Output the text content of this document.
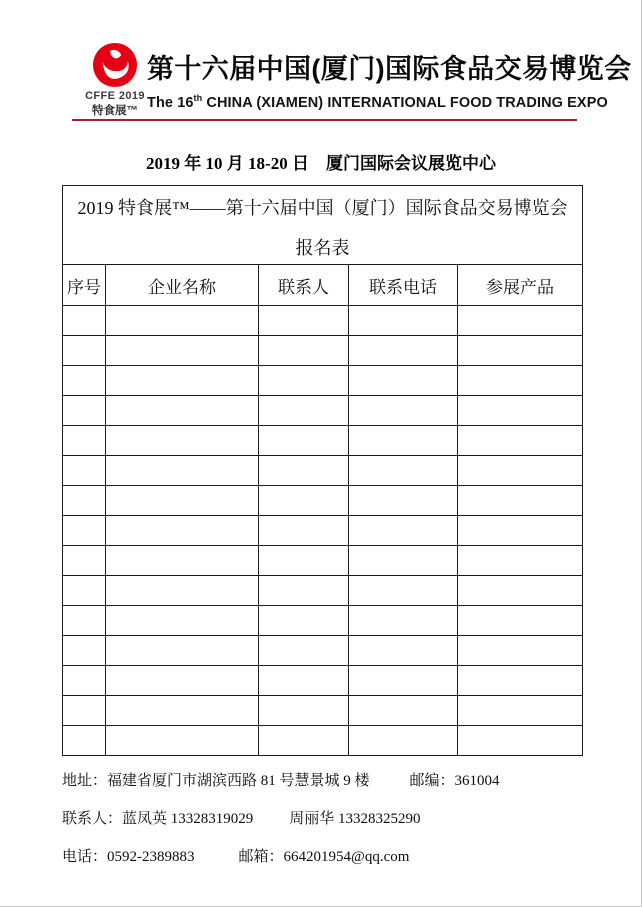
CFFE 2019
特食展™
第十六届中国(厦门)国际食品交易博览会
The 16th CHINA (XIAMEN) INTERNATIONAL FOOD TRADING EXPO
2019 年 10 月 18-20 日　厦门国际会议展览中心
2019 特食展™——第十六届中国（厦门）国际食品交易博览会
报名表				

序号	企业名称	联系人	联系电话	参展产品

地址：福建省厦门市湖滨西路 81 号慧景城 9 楼	邮编：361004

联系人：蓝凤英 13328319029 周丽华 13328325290

电话：0592-2389883	邮箱：664201954@qq.com
